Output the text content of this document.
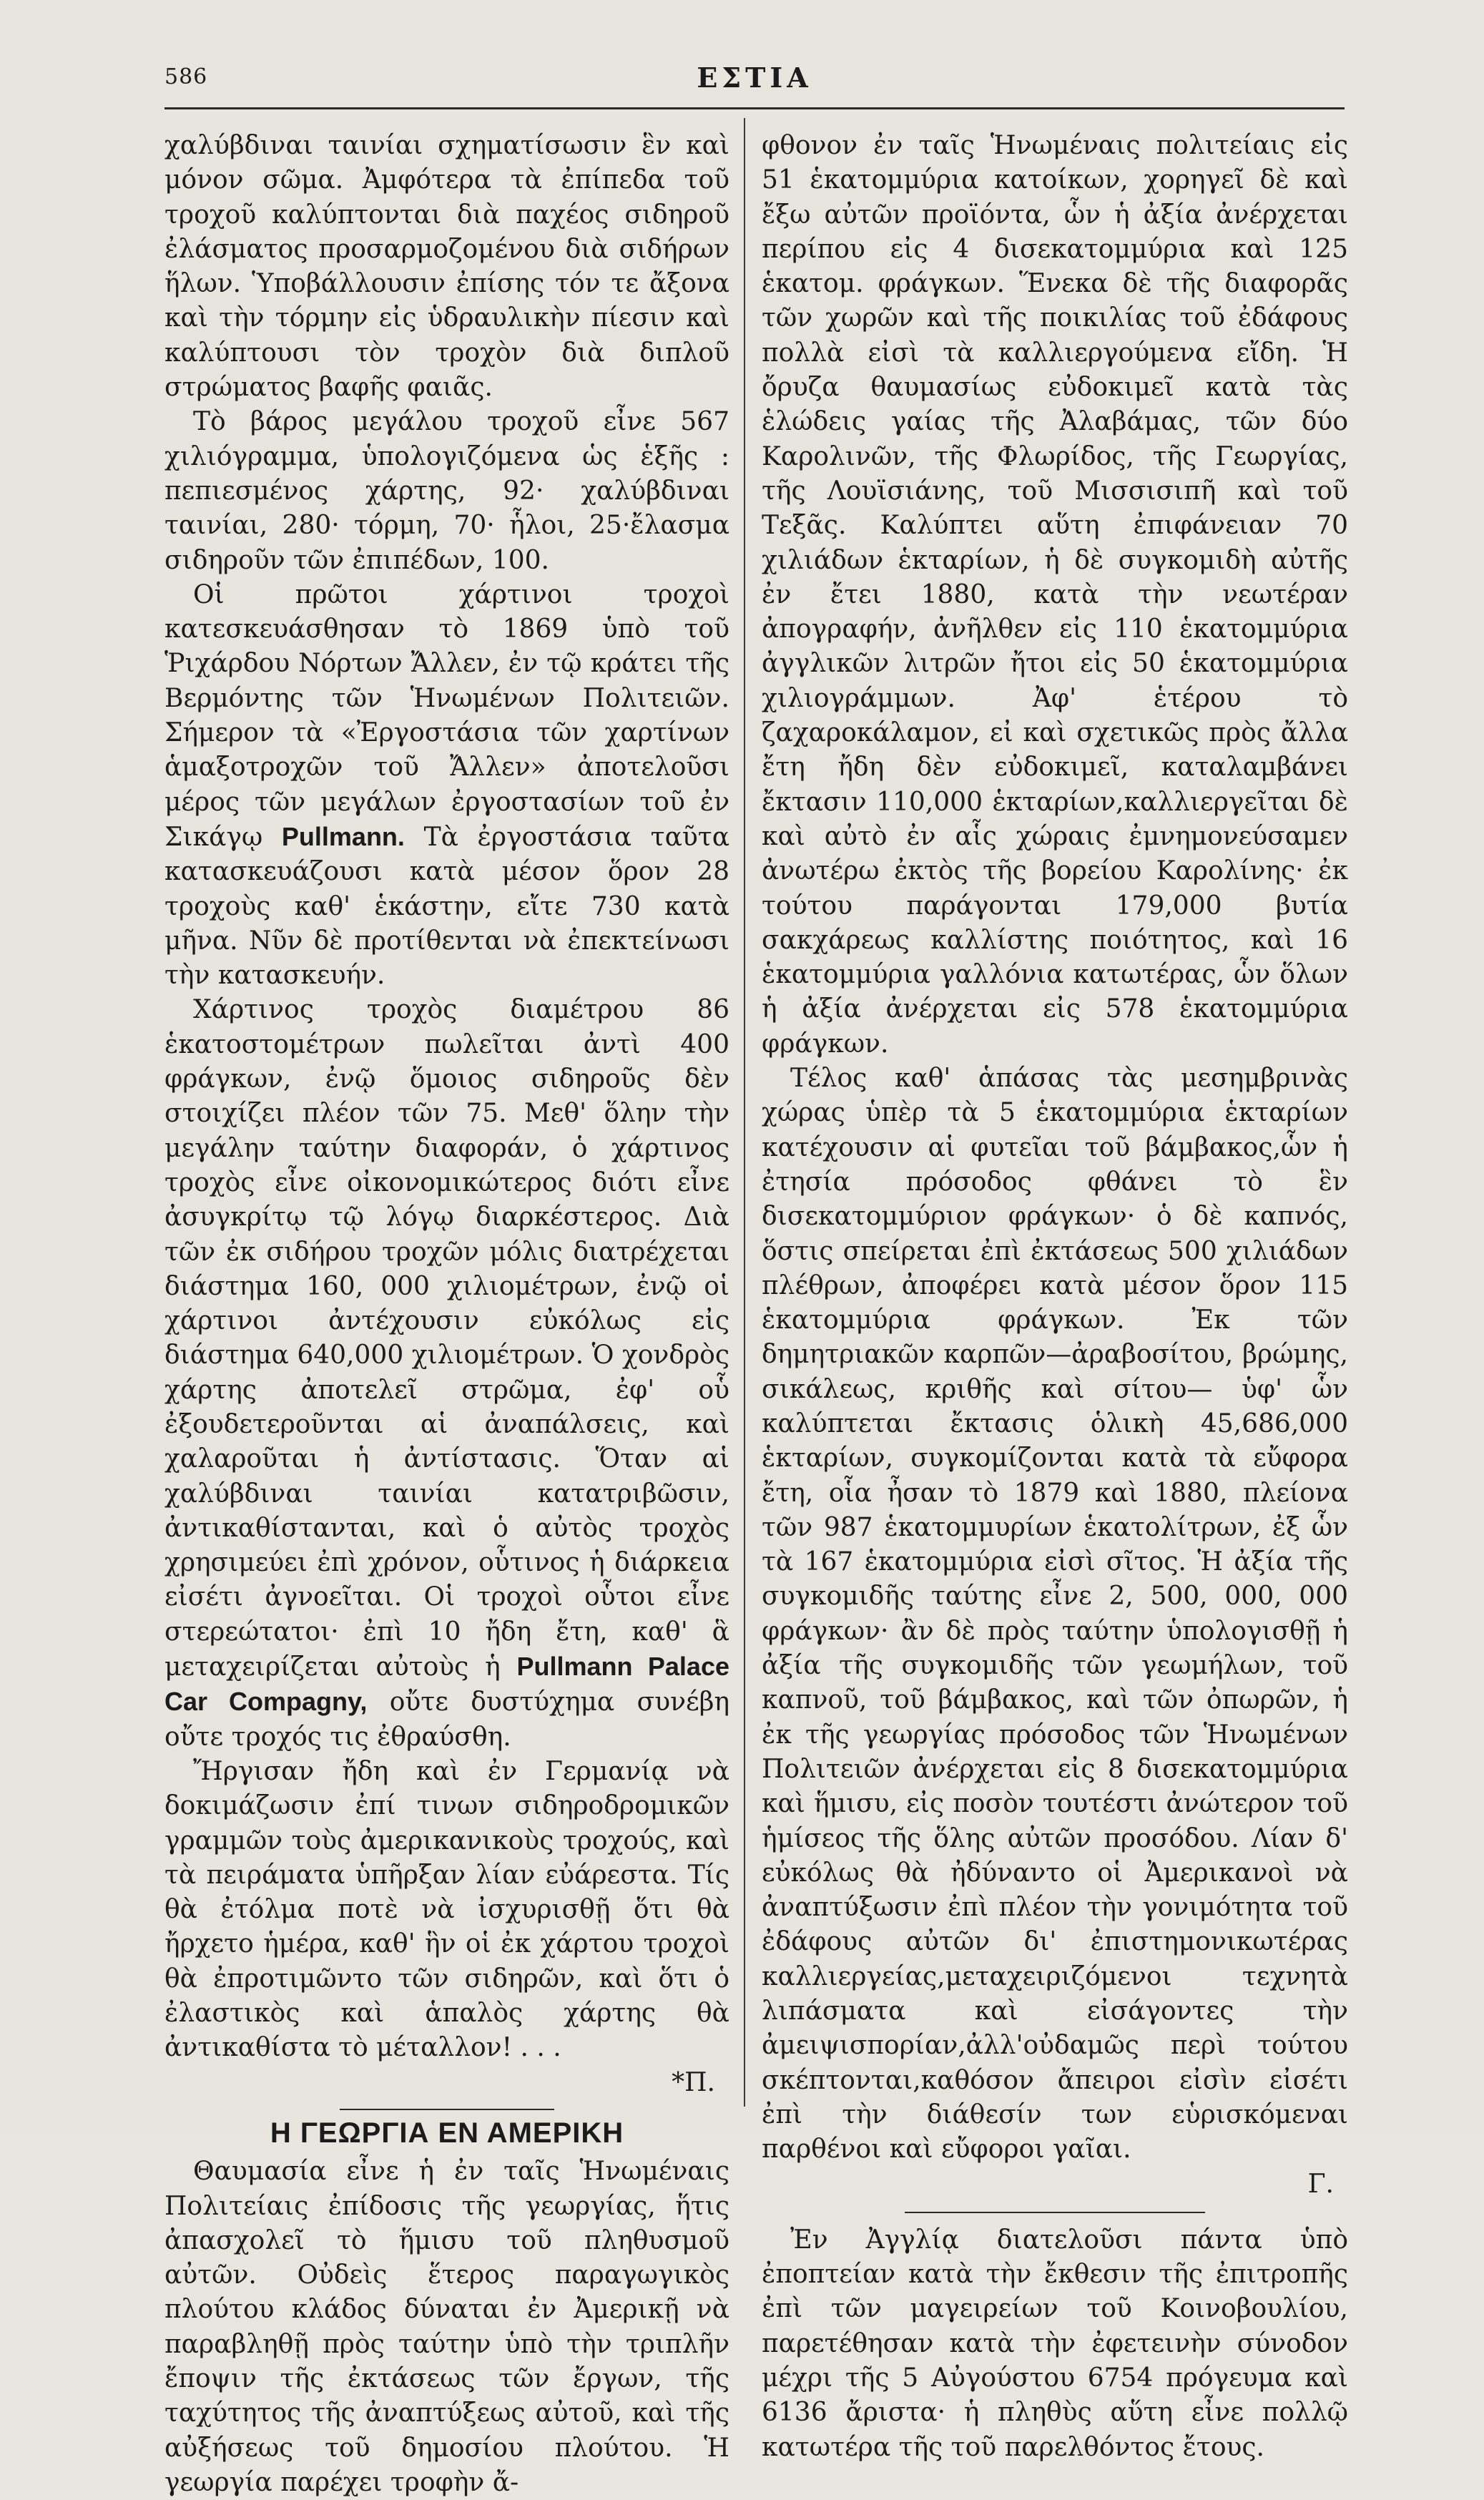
586	ΕΣΤΙΑ

χαλύβδιναι ταινίαι σχηματίσωσιν ἓν καὶ μόνον σῶμα. Ἀμφότερα τὰ ἐπίπεδα τοῦ τροχοῦ καλύπτονται διὰ παχέος σιδηροῦ ἐλάσματος προσαρμοζομένου διὰ σιδήρων ἥλων. Ὑποβάλλουσιν ἐπίσης τόν τε ἄξονα καὶ τὴν τόρμην εἰς ὑδραυλικὴν πίεσιν καὶ καλύπτουσι τὸν τροχὸν διὰ διπλοῦ στρώματος βαφῆς φαιᾶς.

Τὸ βάρος μεγάλου τροχοῦ εἶνε 567 χιλιόγραμμα, ὑπολογιζόμενα ὡς ἑξῆς : πεπιεσμένος χάρτης, 92· χαλύβδιναι ταινίαι, 280· τόρμη, 70· ἧλοι, 25·ἔλασμα σιδηροῦν τῶν ἐπιπέδων, 100.

Οἱ πρῶτοι χάρτινοι τροχοὶ κατεσκευάσθησαν τὸ 1869 ὑπὸ τοῦ Ῥιχάρδου Νόρτων Ἄλλεν, ἐν τῷ κράτει τῆς Βερμόντης τῶν Ἡνωμένων Πολιτειῶν. Σήμερον τὰ «Ἐργοστάσια τῶν χαρτίνων ἁμαξοτροχῶν τοῦ Ἄλλεν» ἀποτελοῦσι μέρος τῶν μεγάλων ἐργοστασίων τοῦ ἐν Σικάγῳ Pullmann. Τὰ ἐργοστάσια ταῦτα κατασκευάζουσι κατὰ μέσον ὅρον 28 τροχοὺς καθ' ἑκάστην, εἴτε 730 κατὰ μῆνα. Νῦν δὲ προτίθενται νὰ ἐπεκτείνωσι τὴν κατασκευήν.

Χάρτινος τροχὸς διαμέτρου 86 ἑκατοστομέτρων πωλεῖται ἀντὶ 400 φράγκων, ἐνῷ ὅμοιος σιδηροῦς δὲν στοιχίζει πλέον τῶν 75. Μεθ' ὅλην τὴν μεγάλην ταύτην διαφοράν, ὁ χάρτινος τροχὸς εἶνε οἰκονομικώτερος διότι εἶνε ἀσυγκρίτῳ τῷ λόγῳ διαρκέστερος. Διὰ τῶν ἐκ σιδήρου τροχῶν μόλις διατρέχεται διάστημα 160, 000 χιλιομέτρων, ἐνῷ οἱ χάρτινοι ἀντέχουσιν εὐκόλως εἰς διάστημα 640,000 χιλιομέτρων. Ὁ χονδρὸς χάρτης ἀποτελεῖ στρῶμα, ἐφ' οὗ ἐξουδετεροῦνται αἱ ἀναπάλσεις, καὶ χαλαροῦται ἡ ἀντίστασις. Ὅταν αἱ χαλύβδιναι ταινίαι κατατριβῶσιν, ἀντικαθίστανται, καὶ ὁ αὐτὸς τροχὸς χρησιμεύει ἐπὶ χρόνον, οὗτινος ἡ διάρκεια εἰσέτι ἀγνοεῖται. Οἱ τροχοὶ οὗτοι εἶνε στερεώτατοι· ἐπὶ 10 ἤδη ἔτη, καθ' ἃ μεταχειρίζεται αὐτοὺς ἡ Pullmann Palace Car Compagny, οὔτε δυστύχημα συνέβη οὔτε τροχός τις ἐθραύσθη.

Ἤργισαν ἤδη καὶ ἐν Γερμανίᾳ νὰ δοκιμάζωσιν ἐπί τινων σιδηροδρομικῶν γραμμῶν τοὺς ἀμερικανικοὺς τροχούς, καὶ τὰ πειράματα ὑπῆρξαν λίαν εὐάρεστα. Τίς θὰ ἐτόλμα ποτὲ νὰ ἰσχυρισθῇ ὅτι θὰ ἤρχετο ἡμέρα, καθ' ἣν οἱ ἐκ χάρτου τροχοὶ θὰ ἐπροτιμῶντο τῶν σιδηρῶν, καὶ ὅτι ὁ ἐλαστικὸς καὶ ἁπαλὸς χάρτης θὰ ἀντικαθίστα τὸ μέταλλον! . . .

*Π.

Η ΓΕΩΡΓΙΑ ΕΝ ΑΜΕΡΙΚΗ

Θαυμασία εἶνε ἡ ἐν ταῖς Ἡνωμέναις Πολιτείαις ἐπίδοσις τῆς γεωργίας, ἥτις ἀπασχολεῖ τὸ ἥμισυ τοῦ πληθυσμοῦ αὐτῶν. Οὐδεὶς ἕτερος παραγωγικὸς πλούτου κλάδος δύναται ἐν Ἀμερικῇ νὰ παραβληθῇ πρὸς ταύτην ὑπὸ τὴν τριπλῆν ἔποψιν τῆς ἐκτάσεως τῶν ἔργων, τῆς ταχύτητος τῆς ἀναπτύξεως αὐτοῦ, καὶ τῆς αὐξήσεως τοῦ δημοσίου πλούτου. Ἡ γεωργία παρέχει τροφὴν ἄ-

φθονον ἐν ταῖς Ἡνωμέναις πολιτείαις εἰς 51 ἑκατομμύρια κατοίκων, χορηγεῖ δὲ καὶ ἔξω αὐτῶν προϊόντα, ὧν ἡ ἀξία ἀνέρχεται περίπου εἰς 4 δισεκατομμύρια καὶ 125 ἑκατομ. φράγκων. Ἕνεκα δὲ τῆς διαφορᾶς τῶν χωρῶν καὶ τῆς ποικιλίας τοῦ ἐδάφους πολλὰ εἰσὶ τὰ καλλιεργούμενα εἴδη. Ἡ ὄρυζα θαυμασίως εὐδοκιμεῖ κατὰ τὰς ἑλώδεις γαίας τῆς Ἀλαβάμας, τῶν δύο Καρολινῶν, τῆς Φλωρίδος, τῆς Γεωργίας, τῆς Λουϊσιάνης, τοῦ Μισσισιπῆ καὶ τοῦ Τεξᾶς. Καλύπτει αὕτη ἐπιφάνειαν 70 χιλιάδων ἑκταρίων, ἡ δὲ συγκομιδὴ αὐτῆς ἐν ἔτει 1880, κατὰ τὴν νεωτέραν ἀπογραφήν, ἀνῆλθεν εἰς 110 ἑκατομμύρια ἀγγλικῶν λιτρῶν ἤτοι εἰς 50 ἑκατομμύρια χιλιογράμμων. Ἀφ' ἑτέρου τὸ ζαχαροκάλαμον, εἰ καὶ σχετικῶς πρὸς ἄλλα ἔτη ἤδη δὲν εὐδοκιμεῖ, καταλαμβάνει ἔκτασιν 110,000 ἑκταρίων,καλλιεργεῖται δὲ καὶ αὐτὸ ἐν αἷς χώραις ἐμνημονεύσαμεν ἀνωτέρω ἐκτὸς τῆς βορείου Καρολίνης· ἐκ τούτου παράγονται 179,000 βυτία σακχάρεως καλλίστης ποιότητος, καὶ 16 ἑκατομμύρια γαλλόνια κατωτέρας, ὧν ὅλων ἡ ἀξία ἀνέρχεται εἰς 578 ἑκατομμύρια φράγκων.

Τέλος καθ' ἁπάσας τὰς μεσημβρινὰς χώρας ὑπὲρ τὰ 5 ἑκατομμύρια ἑκταρίων κατέχουσιν αἱ φυτεῖαι τοῦ βάμβακος,ὧν ἡ ἐτησία πρόσοδος φθάνει τὸ ἓν δισεκατομμύριον φράγκων· ὁ δὲ καπνός, ὅστις σπείρεται ἐπὶ ἐκτάσεως 500 χιλιάδων πλέθρων, ἀποφέρει κατὰ μέσον ὅρον 115 ἑκατομμύρια φράγκων. Ἐκ τῶν δημητριακῶν καρπῶν—ἀραβοσίτου, βρώμης, σικάλεως, κριθῆς καὶ σίτου— ὑφ' ὧν καλύπτεται ἔκτασις ὁλικὴ 45,686,000 ἑκταρίων, συγκομίζονται κατὰ τὰ εὔφορα ἔτη, οἷα ἦσαν τὸ 1879 καὶ 1880, πλείονα τῶν 987 ἑκατομμυρίων ἑκατολίτρων, ἐξ ὧν τὰ 167 ἑκατομμύρια εἰσὶ σῖτος. Ἡ ἀξία τῆς συγκομιδῆς ταύτης εἶνε 2, 500, 000, 000 φράγκων· ἂν δὲ πρὸς ταύτην ὑπολογισθῇ ἡ ἀξία τῆς συγκομιδῆς τῶν γεωμήλων, τοῦ καπνοῦ, τοῦ βάμβακος, καὶ τῶν ὀπωρῶν, ἡ ἐκ τῆς γεωργίας πρόσοδος τῶν Ἡνωμένων Πολιτειῶν ἀνέρχεται εἰς 8 δισεκατομμύρια καὶ ἥμισυ, εἰς ποσὸν τουτέστι ἀνώτερον τοῦ ἡμίσεος τῆς ὅλης αὐτῶν προσόδου. Λίαν δ' εὐκόλως θὰ ἠδύναντο οἱ Ἀμερικανοὶ νὰ ἀναπτύξωσιν ἐπὶ πλέον τὴν γονιμότητα τοῦ ἐδάφους αὐτῶν δι' ἐπιστημονικωτέρας καλλιεργείας,μεταχειριζόμενοι τεχνητὰ λιπάσματα καὶ εἰσάγοντες τὴν ἀμειψισπορίαν,ἀλλ'οὐδαμῶς περὶ τούτου σκέπτονται,καθόσον ἄπειροι εἰσὶν εἰσέτι ἐπὶ τὴν διάθεσίν των εὑρισκόμεναι παρθένοι καὶ εὔφοροι γαῖαι.

Γ.

Ἐν Ἀγγλίᾳ διατελοῦσι πάντα ὑπὸ ἐποπτείαν κατὰ τὴν ἔκθεσιν τῆς ἐπιτροπῆς ἐπὶ τῶν μαγειρείων τοῦ Κοινοβουλίου, παρετέθησαν κατὰ τὴν ἐφετεινὴν σύνοδον μέχρι τῆς 5 Αὐγούστου 6754 πρόγευμα καὶ 6136 ἄριστα· ἡ πληθὺς αὕτη εἶνε πολλῷ κατωτέρα τῆς τοῦ παρελθόντος ἔτους.
